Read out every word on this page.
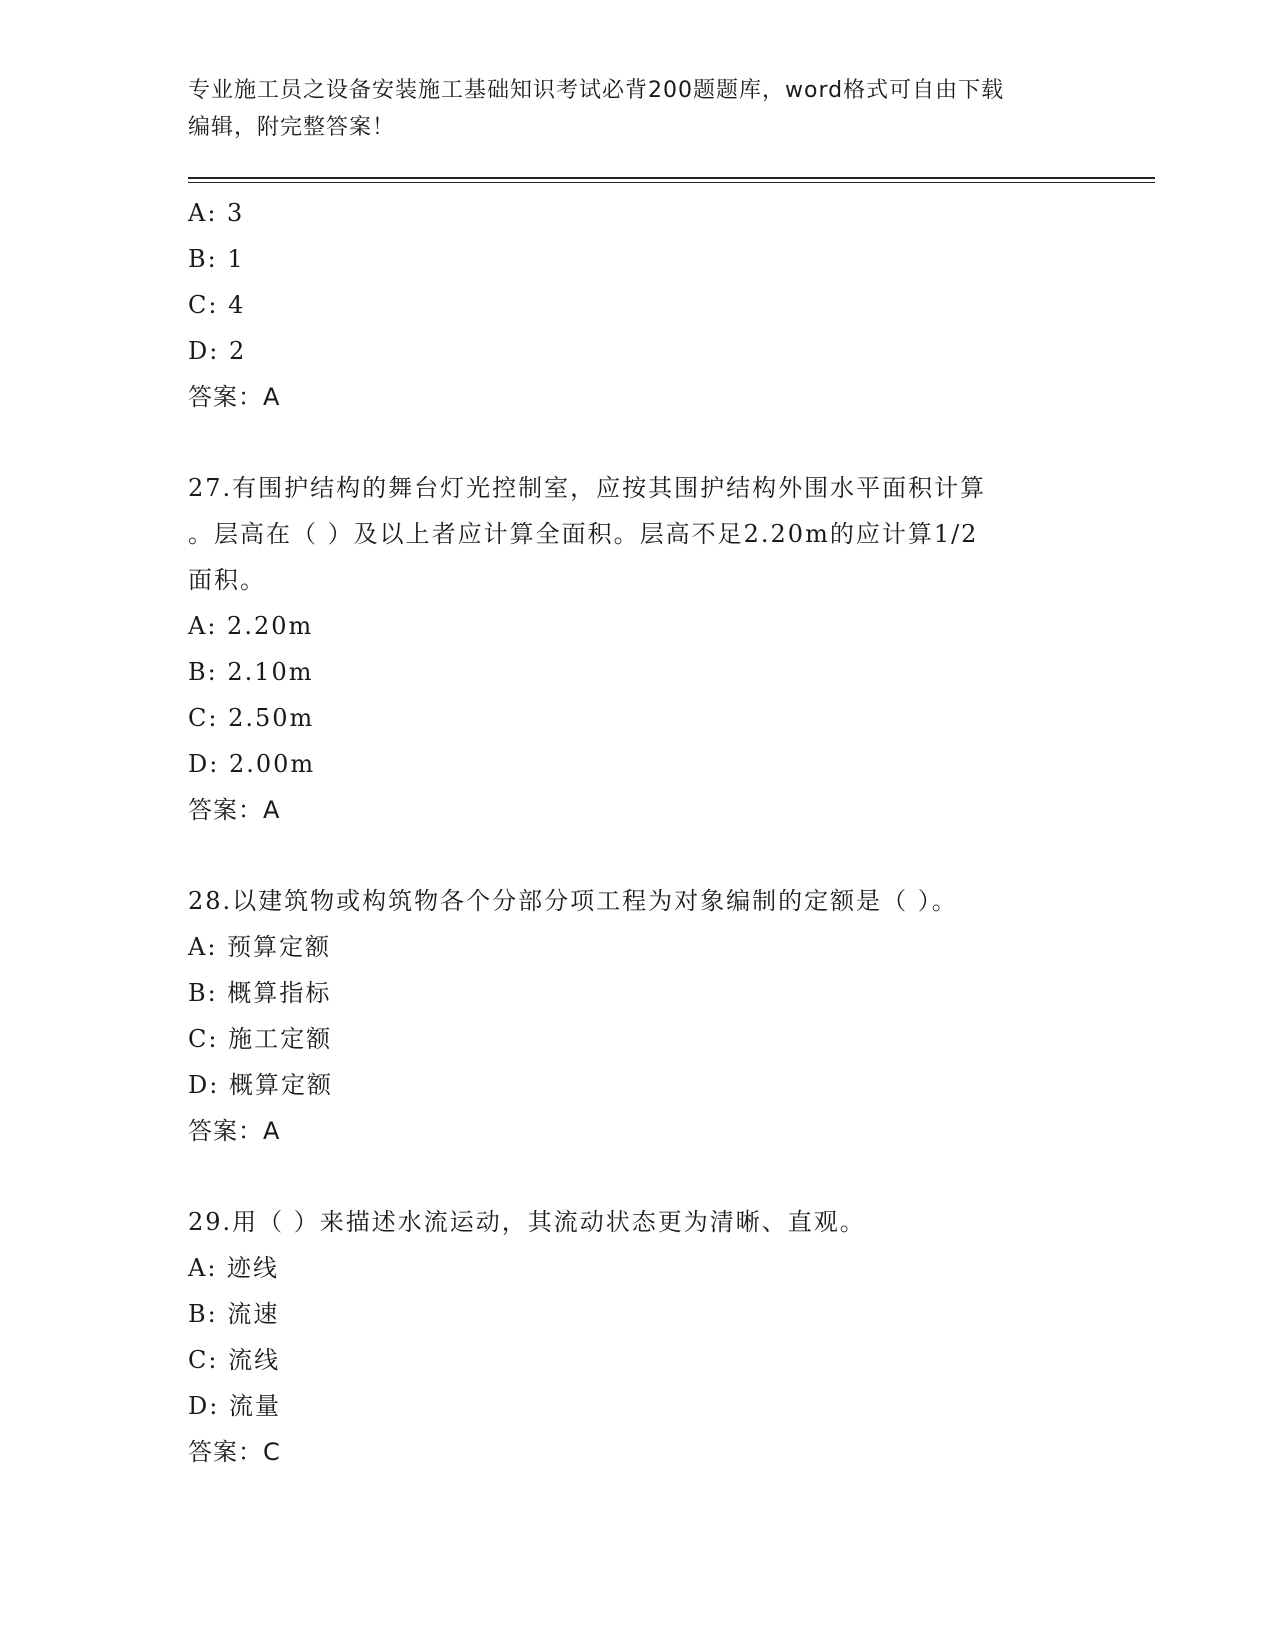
专业施工员之设备安装施工基础知识考试必背200题题库，word格式可自由下载
编辑，附完整答案！
A: 3
B: 1
C: 4
D: 2
答案：A
27.有围护结构的舞台灯光控制室，应按其围护结构外围水平面积计算
。层高在（ ）及以上者应计算全面积。层高不足2.20m的应计算1/2
面积。
A: 2.20m
B: 2.10m
C: 2.50m
D: 2.00m
答案：A
28.以建筑物或构筑物各个分部分项工程为对象编制的定额是（ ）。
A: 预算定额
B: 概算指标
C: 施工定额
D: 概算定额
答案：A
29.用（ ）来描述水流运动，其流动状态更为清晰、直观。
A: 迹线
B: 流速
C: 流线
D: 流量
答案：C
